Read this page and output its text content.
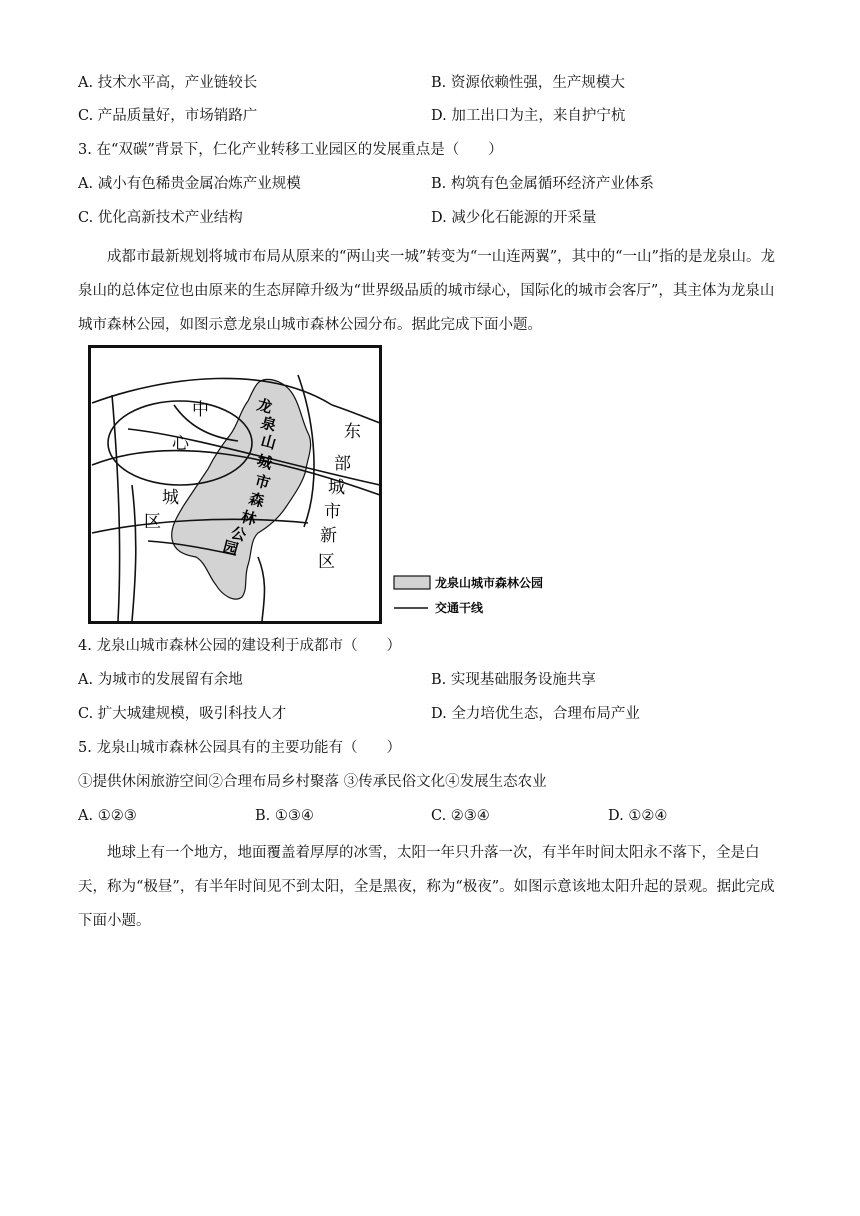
A. 技术水平高，产业链较长	B. 资源依赖性强，生产规模大
C. 产品质量好，市场销路广	D. 加工出口为主，来自护宁杭
3. 在“双碳”背景下，仁化产业转移工业园区的发展重点是（　　）
A. 减小有色稀贵金属冶炼产业规模	B. 构筑有色金属循环经济产业体系
C. 优化高新技术产业结构	D. 减少化石能源的开采量
成都市最新规划将城市布局从原来的“两山夹一城”转变为“一山连两翼”，其中的“一山”指的是龙泉山。龙泉山的总体定位也由原来的生态屏障升级为“世界级品质的城市绿心，国际化的城市会客厅”，其主体为龙泉山城市森林公园，如图示意龙泉山城市森林公园分布。据此完成下面小题。
中
心
城
区
东
部
城
市
新
区
龙
泉
山
城
市
森
林
公
园
龙泉山城市森林公园
交通干线
4. 龙泉山城市森林公园的建设利于成都市（　　）
A. 为城市的发展留有余地	B. 实现基础服务设施共享
C. 扩大城建规模，吸引科技人才	D. 全力培优生态，合理布局产业
5. 龙泉山城市森林公园具有的主要功能有（　　）
①提供休闲旅游空间②合理布局乡村聚落 ③传承民俗文化④发展生态农业
A. ①②③	B. ①③④	C. ②③④	D. ①②④
地球上有一个地方，地面覆盖着厚厚的冰雪，太阳一年只升落一次，有半年时间太阳永不落下，全是白天，称为“极昼”，有半年时间见不到太阳，全是黑夜，称为“极夜”。如图示意该地太阳升起的景观。据此完成下面小题。
